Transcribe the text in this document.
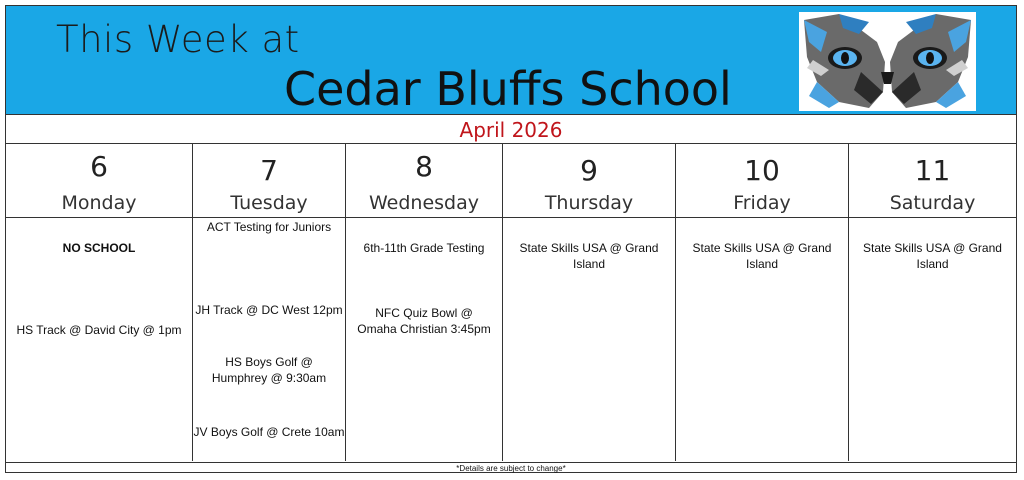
This Week at
Cedar Bluffs School
April 2026
6
Monday
NO SCHOOL
HS Track @ David City @ 1pm
7
Tuesday
ACT Testing for Juniors
JH Track @ DC West 12pm
HS Boys Golf @ Humphrey @ 9:30am
JV Boys Golf @ Crete 10am
8
Wednesday
6th-11th Grade Testing
NFC Quiz Bowl @ Omaha Christian 3:45pm
9
Thursday
State Skills USA @ Grand Island
10
Friday
State Skills USA @ Grand Island
11
Saturday
State Skills USA @ Grand Island
*Details are subject to change*
